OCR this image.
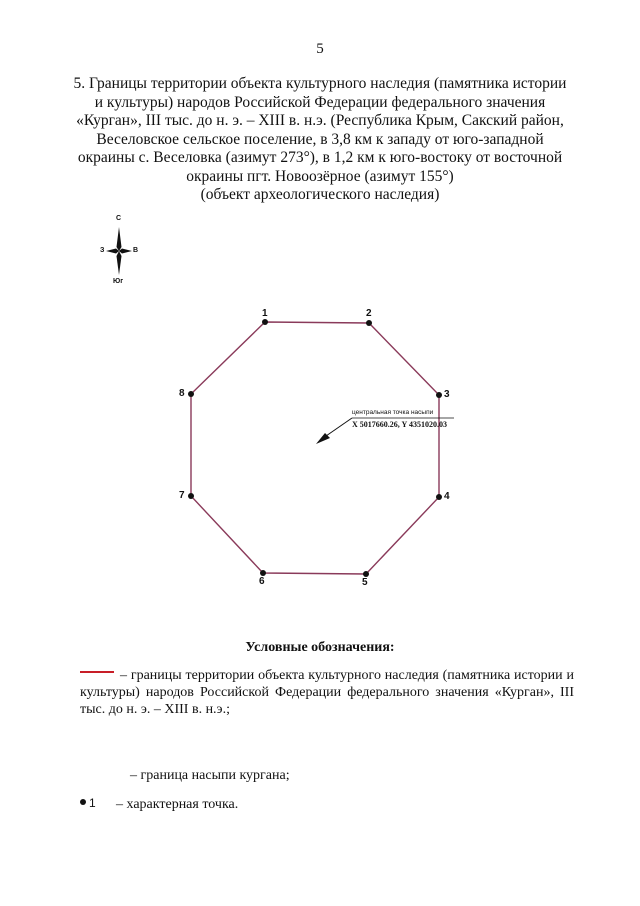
5
5. Границы территории объекта культурного наследия (памятника истории
и культуры) народов Российской Федерации федерального значения
«Курган», III тыс. до н. э. – XIII в. н.э. (Республика Крым, Сакский район,
Веселовское сельское поселение, в 3,8 км к западу от юго-западной
окраины с. Веселовка (азимут 273°), в 1,2 км к юго-востоку от восточной
окраины пгт. Новоозёрное (азимут 155°)
(объект археологического наследия)
С
З	В
Юг
1	2
3
4
5
6
7
8
центральная точка насыпи
X 5017660.26, Y 4351020.03
Условные обозначения:
– границы территории объекта культурного наследия (памятника истории и культуры) народов Российской Федерации федерального значения «Курган», III тыс. до н. э. – XIII в. н.э.;
– граница насыпи кургана;
1 – характерная точка.
